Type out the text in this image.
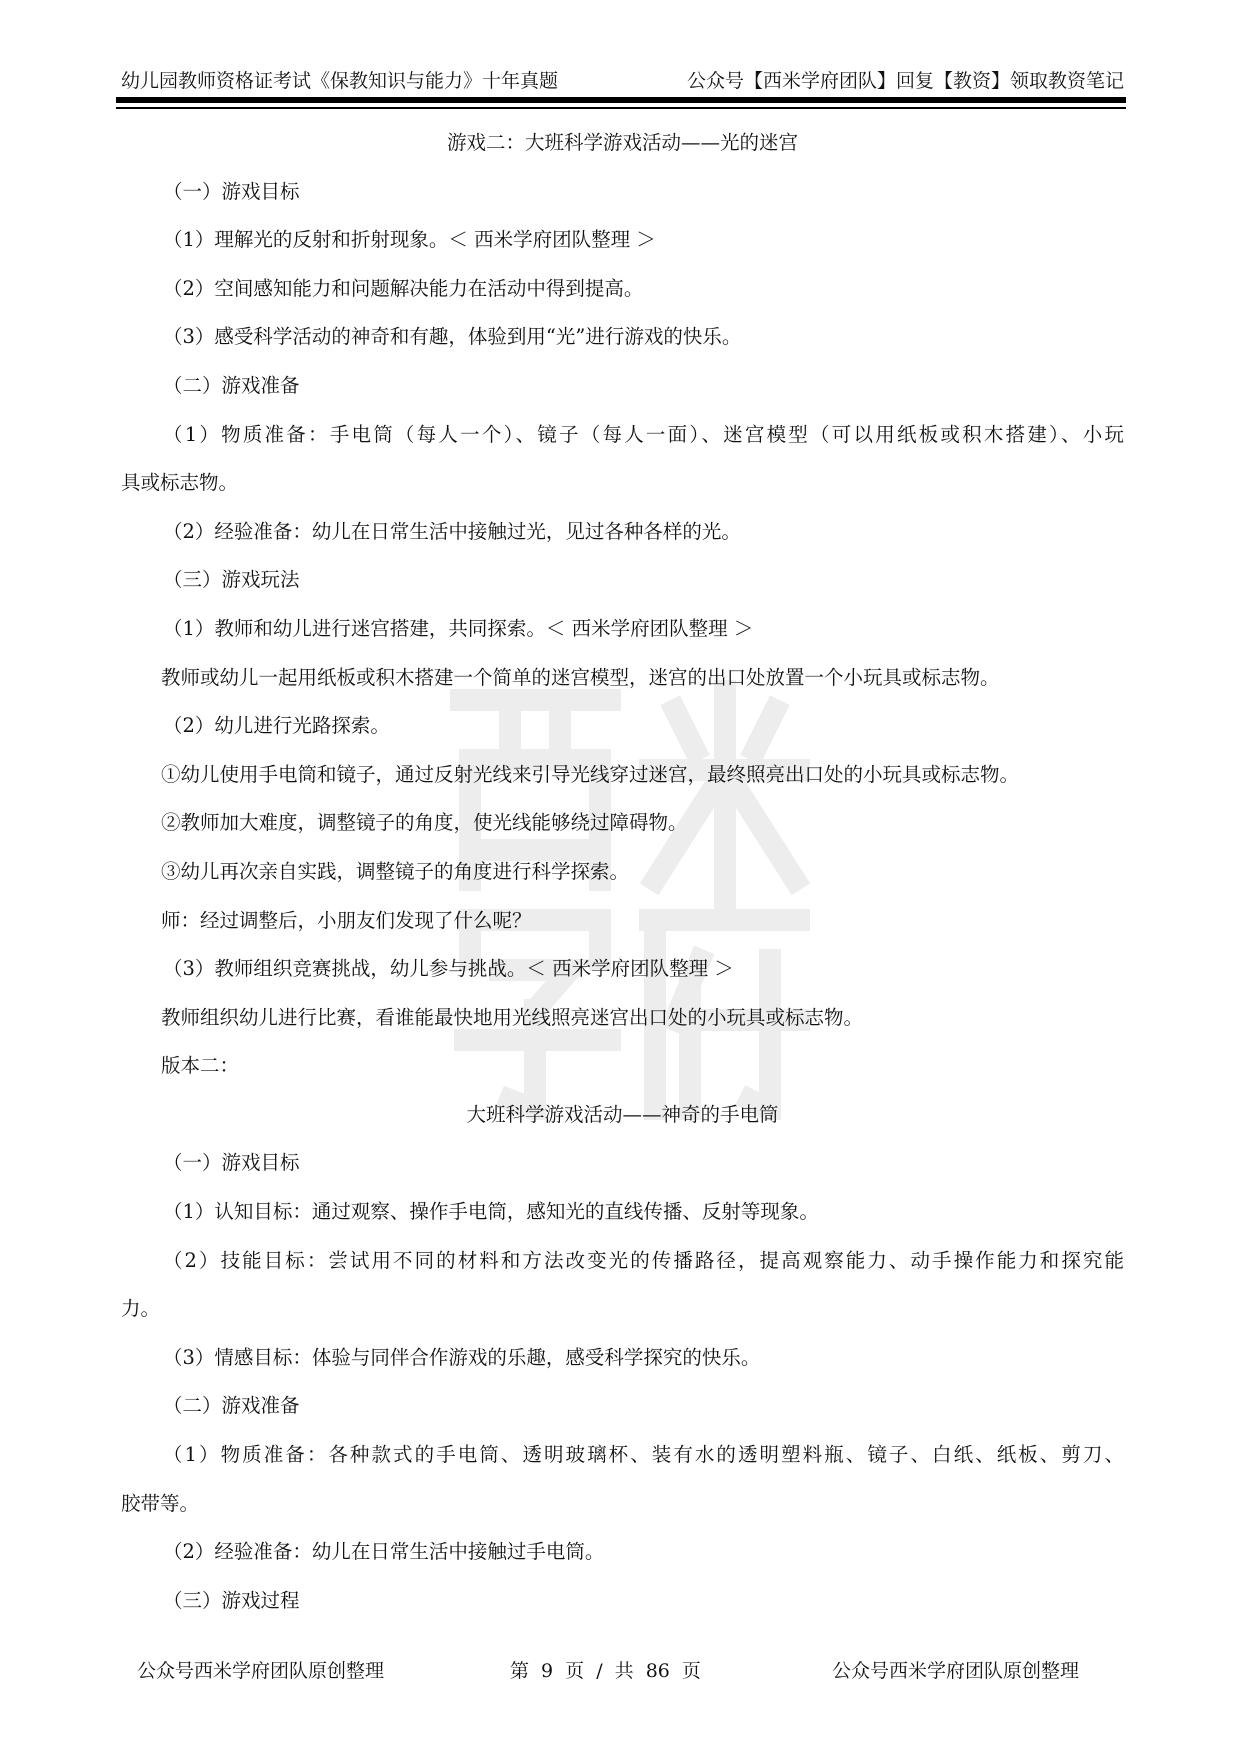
幼儿园教师资格证考试《保教知识与能力》十年真题	公众号【西米学府团队】回复【教资】领取教资笔记
游戏二：大班科学游戏活动——光的迷宫
（一）游戏目标
（1）理解光的反射和折射现象。＜ 西米学府团队整理 ＞
（2）空间感知能力和问题解决能力在活动中得到提高。
（3）感受科学活动的神奇和有趣，体验到用“光”进行游戏的快乐。
（二）游戏准备
（1）物质准备：手电筒（每人一个）、镜子（每人一面）、迷宫模型（可以用纸板或积木搭建）、小玩
具或标志物。
（2）经验准备：幼儿在日常生活中接触过光，见过各种各样的光。
（三）游戏玩法
（1）教师和幼儿进行迷宫搭建，共同探索。＜ 西米学府团队整理 ＞
教师或幼儿一起用纸板或积木搭建一个简单的迷宫模型，迷宫的出口处放置一个小玩具或标志物。
（2）幼儿进行光路探索。
①幼儿使用手电筒和镜子，通过反射光线来引导光线穿过迷宫，最终照亮出口处的小玩具或标志物。
②教师加大难度，调整镜子的角度，使光线能够绕过障碍物。
③幼儿再次亲自实践，调整镜子的角度进行科学探索。
师：经过调整后，小朋友们发现了什么呢？
（3）教师组织竞赛挑战，幼儿参与挑战。＜ 西米学府团队整理 ＞
教师组织幼儿进行比赛，看谁能最快地用光线照亮迷宫出口处的小玩具或标志物。
版本二：
大班科学游戏活动——神奇的手电筒
（一）游戏目标
（1）认知目标：通过观察、操作手电筒，感知光的直线传播、反射等现象。
（2）技能目标：尝试用不同的材料和方法改变光的传播路径，提高观察能力、动手操作能力和探究能
力。
（3）情感目标：体验与同伴合作游戏的乐趣，感受科学探究的快乐。
（二）游戏准备
（1）物质准备：各种款式的手电筒、透明玻璃杯、装有水的透明塑料瓶、镜子、白纸、纸板、剪刀、
胶带等。
（2）经验准备：幼儿在日常生活中接触过手电筒。
（三）游戏过程
公众号西米学府团队原创整理	第 9 页 / 共 86 页	公众号西米学府团队原创整理
